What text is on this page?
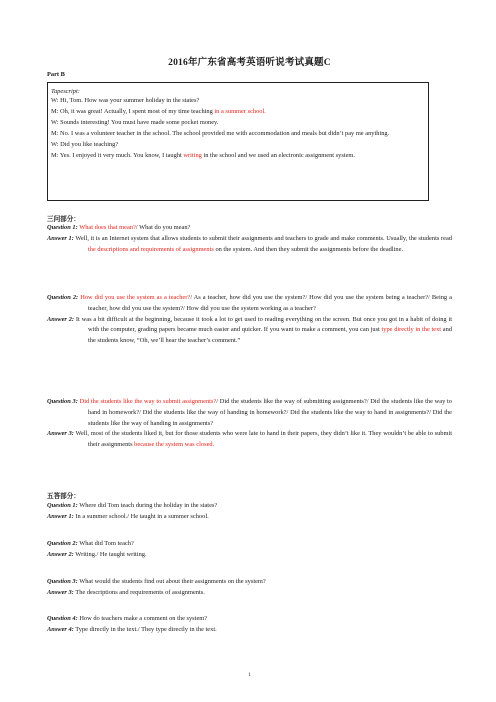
2016年广东省高考英语听说考试真题C
Part B
Tapescript:
W: Hi, Tom. How was your summer holiday in the states?
M: Oh, it was great! Actually, I spent most of my time teaching in a summer school.
W: Sounds interesting! You must have made some pocket money.
M: No. I was a volunteer teacher in the school. The school provided me with accommodation and meals but didn’t pay me anything.
W: Did you like teaching?
M: Yes. I enjoyed it very much. You know, I taught writing in the school and we used an electronic assignment system.
三问部分：
Question 1: What does that mean?/ What do you mean?
Answer 1: Well, it is an Internet system that allows students to submit their assignments and teachers to grade and make comments. Usually, the students read the descriptions and requirements of assignments on the system. And then they submit the assignments before the deadline.
Question 2: How did you use the system as a teacher?/ As a teacher, how did you use the system?/ How did you use the system being a teacher?/ Being a teacher, how did you use the system?/ How did you use the system working as a teacher?
Answer 2: It was a bit difficult at the beginning, because it took a lot to get used to reading everything on the screen. But once you got in a habit of doing it with the computer, grading papers became much easier and quicker. If you want to make a comment, you can just type directly in the text and the students know, “Oh, we’ll hear the teacher’s comment.”
Question 3: Did the students like the way to submit assignments?/ Did the students like the way of submitting assignments?/ Did the students like the way to hand in homework?/ Did the students like the way of handing in homework?/ Did the students like the way to hand in assignments?/ Did the students like the way of handing in assignments?
Answer 3: Well, most of the students liked it, but for those students who were late to hand in their papers, they didn’t like it. They wouldn’t be able to submit their assignments because the system was closed.
五答部分：
Question 1: Where did Tom teach during the holiday in the states?
Answer 1: In a summer school./ He taught in a summer school.
Question 2: What did Tom teach?
Answer 2: Writing./ He taught writing.
Question 3: What would the students find out about their assignments on the system?
Answer 3: The descriptions and requirements of assignments.
Question 4: How do teachers make a comment on the system?
Answer 4: Type directly in the text./ They type directly in the text.
1
